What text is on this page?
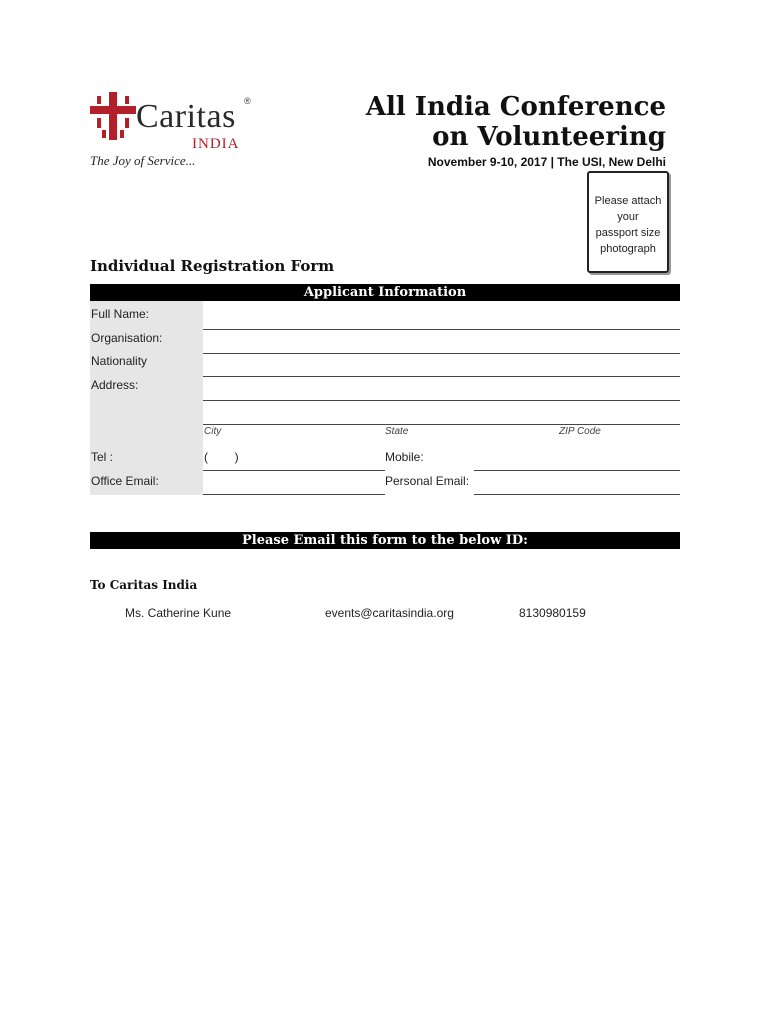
Caritas ®
INDIA
The Joy of Service...
All India Conference
on Volunteering
November 9-10, 2017 | The USI, New Delhi
Please attach
your
passport size
photograph
Individual Registration Form
Applicant Information
Full Name:
Organisation:
Nationality
Address:
City	State	ZIP Code
Tel :	(        )	Mobile:
Office Email:	Personal Email:
Please Email this form to the below ID:
To Caritas India
Ms. Catherine Kune	events@caritasindia.org	8130980159
